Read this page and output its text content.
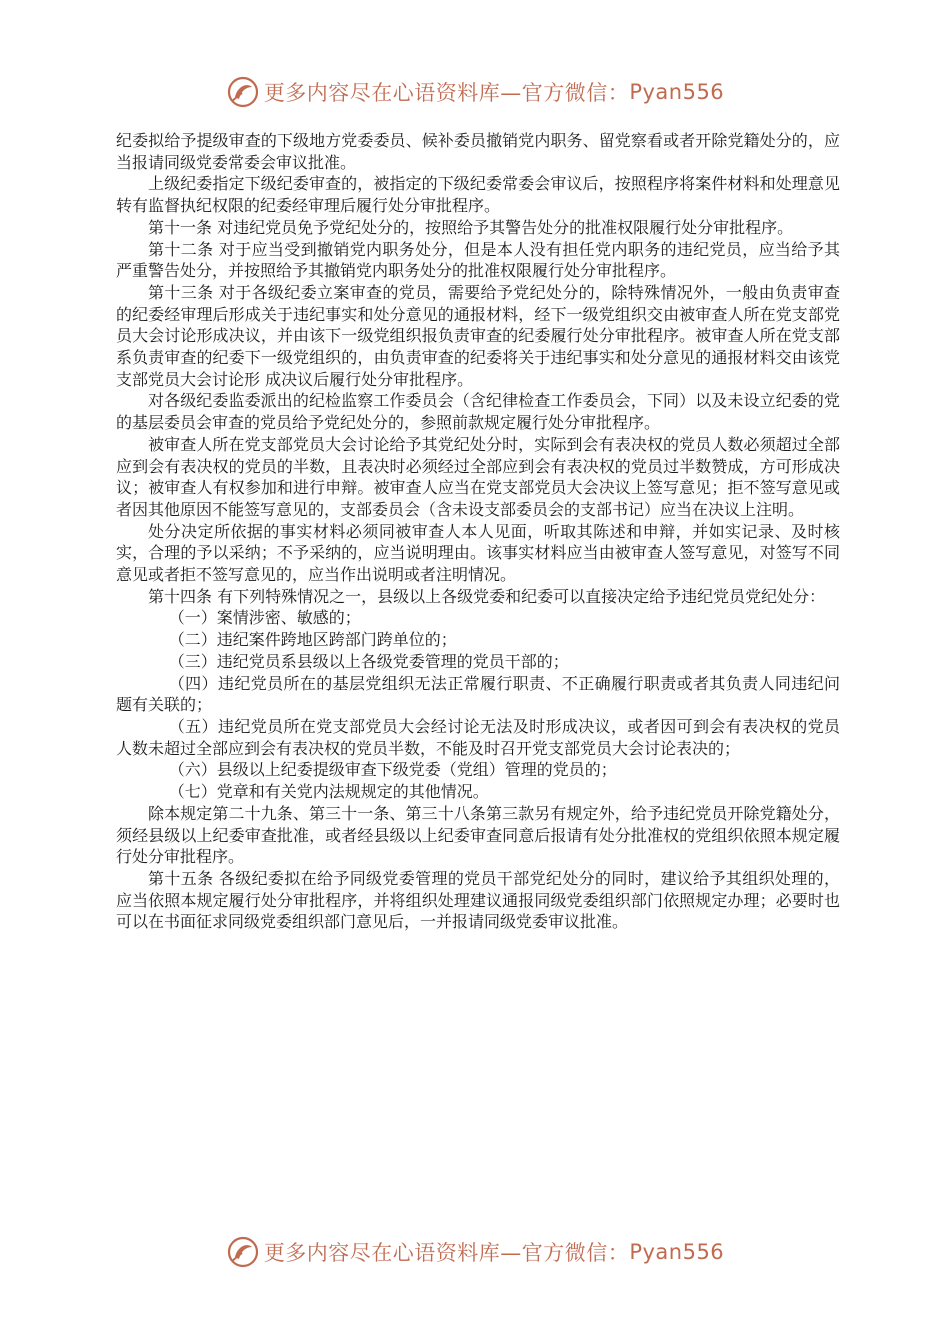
更多内容尽在心语资料库—官方微信： Pyan556

纪委拟给予提级审查的下级地方党委委员、候补委员撤销党内职务、留党察看或者开除党籍处分的，应当报请同级党委常委会审议批准。

上级纪委指定下级纪委审查的，被指定的下级纪委常委会审议后，按照程序将案件材料和处理意见转有监督执纪权限的纪委经审理后履行处分审批程序。

第十一条 对违纪党员免予党纪处分的，按照给予其警告处分的批准权限履行处分审批程序。

第十二条 对于应当受到撤销党内职务处分，但是本人没有担任党内职务的违纪党员，应当给予其严重警告处分，并按照给予其撤销党内职务处分的批准权限履行处分审批程序。

第十三条 对于各级纪委立案审查的党员，需要给予党纪处分的，除特殊情况外，一般由负责审查的纪委经审理后形成关于违纪事实和处分意见的通报材料，经下一级党组织交由被审查人所在党支部党员大会讨论形成决议，并由该下一级党组织报负责审查的纪委履行处分审批程序。被审查人所在党支部系负责审查的纪委下一级党组织的，由负责审查的纪委将关于违纪事实和处分意见的通报材料交由该党支部党员大会讨论形 成决议后履行处分审批程序。

对各级纪委监委派出的纪检监察工作委员会（含纪律检查工作委员会，下同）以及未设立纪委的党的基层委员会审查的党员给予党纪处分的，参照前款规定履行处分审批程序。

被审查人所在党支部党员大会讨论给予其党纪处分时，实际到会有表决权的党员人数必须超过全部应到会有表决权的党员的半数，且表决时必须经过全部应到会有表决权的党员过半数赞成，方可形成决议；被审查人有权参加和进行申辩。被审查人应当在党支部党员大会决议上签写意见；拒不签写意见或者因其他原因不能签写意见的，支部委员会（含未设支部委员会的支部书记）应当在决议上注明。

处分决定所依据的事实材料必须同被审查人本人见面，听取其陈述和申辩，并如实记录、及时核实，合理的予以采纳；不予采纳的，应当说明理由。该事实材料应当由被审查人签写意见，对签写不同意见或者拒不签写意见的，应当作出说明或者注明情况。

第十四条 有下列特殊情况之一，县级以上各级党委和纪委可以直接决定给予违纪党员党纪处分：

（一）案情涉密、敏感的；

（二）违纪案件跨地区跨部门跨单位的；

（三）违纪党员系县级以上各级党委管理的党员干部的；

（四）违纪党员所在的基层党组织无法正常履行职责、不正确履行职责或者其负责人同违纪问题有关联的；

（五）违纪党员所在党支部党员大会经讨论无法及时形成决议，或者因可到会有表决权的党员人数未超过全部应到会有表决权的党员半数，不能及时召开党支部党员大会讨论表决的；

（六）县级以上纪委提级审查下级党委（党组）管理的党员的；

（七）党章和有关党内法规规定的其他情况。

除本规定第二十九条、第三十一条、第三十八条第三款另有规定外，给予违纪党员开除党籍处分，须经县级以上纪委审查批准，或者经县级以上纪委审查同意后报请有处分批准权的党组织依照本规定履行处分审批程序。

第十五条 各级纪委拟在给予同级党委管理的党员干部党纪处分的同时，建议给予其组织处理的，应当依照本规定履行处分审批程序，并将组织处理建议通报同级党委组织部门依照规定办理；必要时也可以在书面征求同级党委组织部门意见后，一并报请同级党委审议批准。

更多内容尽在心语资料库—官方微信： Pyan556
